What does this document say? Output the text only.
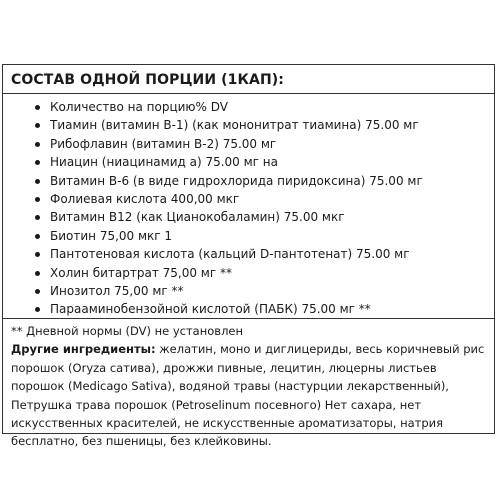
СОСТАВ ОДНОЙ ПОРЦИИ (1КАП):
Количество на порцию% DV
Тиамин (витамин B-1) (как мононитрат тиамина) 75.00 мг
Рибофлавин (витамин B-2) 75.00 мг
Ниацин (ниацинамид а) 75.00 мг на
Витамин B-6 (в виде гидрохлорида пиридоксина) 75.00 мг
Фолиевая кислота 400,00 мкг
Витамин B12 (как Цианокобаламин) 75.00 мкг
Биотин 75,00 мкг 1
Пантотеновая кислота (кальций D-пантотенат) 75.00 мг
Холин битартрат 75,00 мг **
Инозитол 75,00 мг **
Парааминобензойной кислотой (ПАБК) 75.00 мг **

** Дневной нормы (DV) не установлен

Другие ингредиенты: желатин, моно и диглицериды, весь коричневый рис порошок (Oryza сатива), дрожжи пивные, лецитин, люцерны листьев порошок (Medicago Sativa), водяной травы (настурции лекарственный), Петрушка трава порошок (Petroselinum посевного) Нет сахара, нет искусственных красителей, не искусственные ароматизаторы, натрия бесплатно, без пшеницы, без клейковины.
